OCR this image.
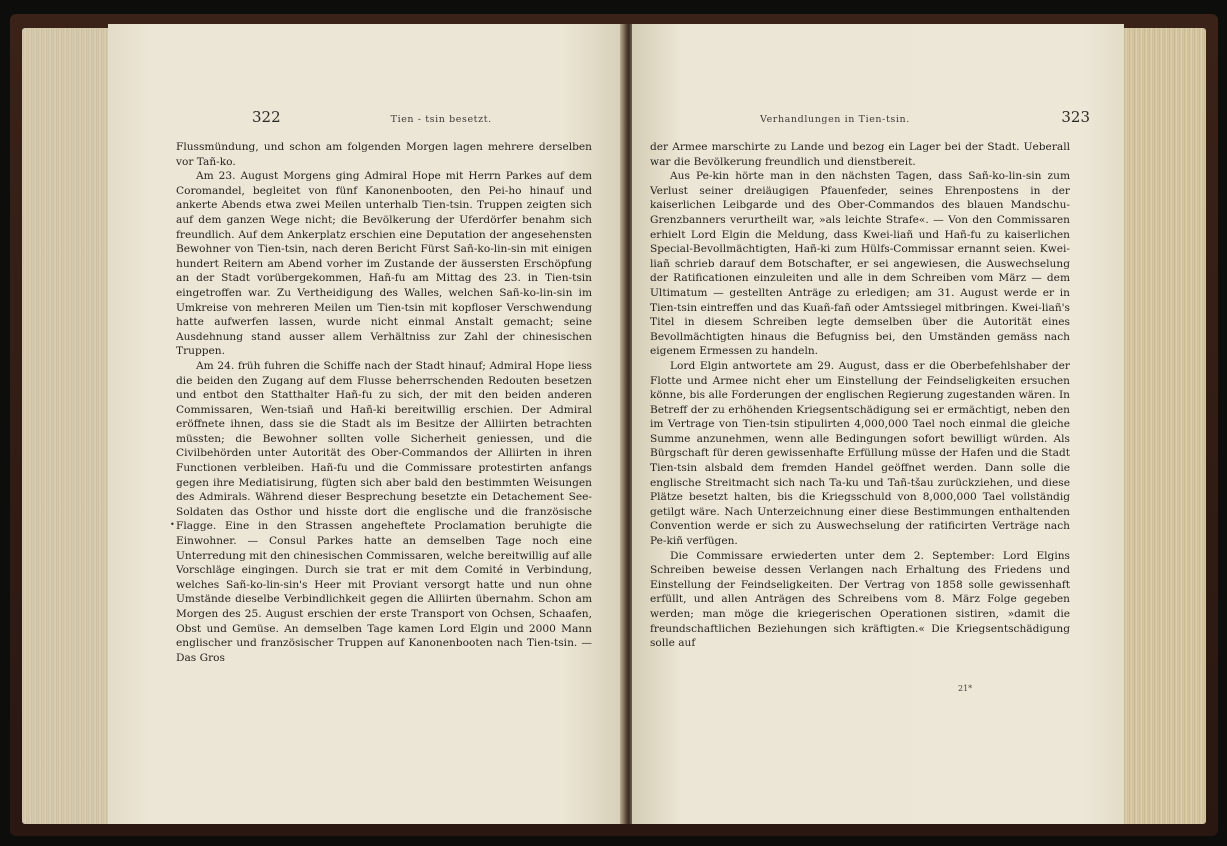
322	Tien - tsin besetzt.

Flussmündung, und schon am folgenden Morgen lagen mehrere derselben vor Tañ-ko.

Am 23. August Morgens ging Admiral Hope mit Herrn Parkes auf dem Coromandel, begleitet von fünf Kanonenbooten, den Pei-ho hinauf und ankerte Abends etwa zwei Meilen unterhalb Tien-tsin. Truppen zeigten sich auf dem ganzen Wege nicht; die Bevölkerung der Uferdörfer benahm sich freundlich. Auf dem Ankerplatz erschien eine Deputation der angesehensten Bewohner von Tien-tsin, nach deren Bericht Fürst Sañ-ko-lin-sin mit einigen hundert Reitern am Abend vorher im Zustande der äussersten Erschöpfung an der Stadt vorübergekommen, Hañ-fu am Mittag des 23. in Tien-tsin eingetroffen war. Zu Vertheidigung des Walles, welchen Sañ-ko-lin-sin im Umkreise von mehreren Meilen um Tien-tsin mit kopfloser Verschwendung hatte aufwerfen lassen, wurde nicht einmal Anstalt gemacht; seine Ausdehnung stand ausser allem Verhältniss zur Zahl der chinesischen Truppen.

Am 24. früh fuhren die Schiffe nach der Stadt hinauf; Admiral Hope liess die beiden den Zugang auf dem Flusse beherrschenden Redouten besetzen und entbot den Statthalter Hañ-fu zu sich, der mit den beiden anderen Commissaren, Wen-tsiañ und Hañ-ki bereitwillig erschien. Der Admiral eröffnete ihnen, dass sie die Stadt als im Besitze der Alliirten betrachten müssten; die Bewohner sollten volle Sicherheit geniessen, und die Civilbehörden unter Autorität des Ober-Commandos der Alliirten in ihren Functionen verbleiben. Hañ-fu und die Commissare protestirten anfangs gegen ihre Mediatisirung, fügten sich aber bald den bestimmten Weisungen des Admirals. Während dieser Besprechung besetzte ein Detachement See-Soldaten das Osthor und hisste dort die englische und die französische Flagge. Eine in den Strassen angeheftete Proclamation beruhigte die Einwohner. — Consul Parkes hatte an demselben Tage noch eine Unterredung mit den chinesischen Commissaren, welche bereitwillig auf alle Vorschläge eingingen. Durch sie trat er mit dem Comité in Verbindung, welches Sañ-ko-lin-sin's Heer mit Proviant versorgt hatte und nun ohne Umstände dieselbe Verbindlichkeit gegen die Alliirten übernahm. Schon am Morgen des 25. August erschien der erste Transport von Ochsen, Schaafen, Obst und Gemüse. An demselben Tage kamen Lord Elgin und 2000 Mann englischer und französischer Truppen auf Kanonenbooten nach Tien-tsin. — Das Gros

•
Verhandlungen in Tien-tsin.	323

der Armee marschirte zu Lande und bezog ein Lager bei der Stadt. Ueberall war die Bevölkerung freundlich und dienstbereit.

Aus Pe-kin hörte man in den nächsten Tagen, dass Sañ-ko-lin-sin zum Verlust seiner dreiäugigen Pfauenfeder, seines Ehrenpostens in der kaiserlichen Leibgarde und des Ober-Commandos des blauen Mandschu-Grenzbanners verurtheilt war, »als leichte Strafe«. — Von den Commissaren erhielt Lord Elgin die Meldung, dass Kwei-liañ und Hañ-fu zu kaiserlichen Special-Bevollmächtigten, Hañ-ki zum Hülfs-Commissar ernannt seien. Kwei-liañ schrieb darauf dem Botschafter, er sei angewiesen, die Auswechselung der Ratificationen einzuleiten und alle in dem Schreiben vom März — dem Ultimatum — gestellten Anträge zu erledigen; am 31. August werde er in Tien-tsin eintreffen und das Kuañ-fañ oder Amtssiegel mitbringen. Kwei-liañ's Titel in diesem Schreiben legte demselben über die Autorität eines Bevollmächtigten hinaus die Befugniss bei, den Umständen gemäss nach eigenem Ermessen zu handeln.

Lord Elgin antwortete am 29. August, dass er die Oberbefehlshaber der Flotte und Armee nicht eher um Einstellung der Feindseligkeiten ersuchen könne, bis alle Forderungen der englischen Regierung zugestanden wären. In Betreff der zu erhöhenden Kriegsentschädigung sei er ermächtigt, neben den im Vertrage von Tien-tsin stipulirten 4,000,000 Tael noch einmal die gleiche Summe anzunehmen, wenn alle Bedingungen sofort bewilligt würden. Als Bürgschaft für deren gewissenhafte Erfüllung müsse der Hafen und die Stadt Tien-tsin alsbald dem fremden Handel geöffnet werden. Dann solle die englische Streitmacht sich nach Ta-ku und Tañ-tšau zurückziehen, und diese Plätze besetzt halten, bis die Kriegsschuld von 8,000,000 Tael vollständig getilgt wäre. Nach Unterzeichnung einer diese Bestimmungen enthaltenden Convention werde er sich zu Auswechselung der ratificirten Verträge nach Pe-kiñ verfügen.

Die Commissare erwiederten unter dem 2. September: Lord Elgins Schreiben beweise dessen Verlangen nach Erhaltung des Friedens und Einstellung der Feindseligkeiten. Der Vertrag von 1858 solle gewissenhaft erfüllt, und allen Anträgen des Schreibens vom 8. März Folge gegeben werden; man möge die kriegerischen Operationen sistiren, »damit die freundschaftlichen Beziehungen sich kräftigten.« Die Kriegsentschädigung solle auf

21*
